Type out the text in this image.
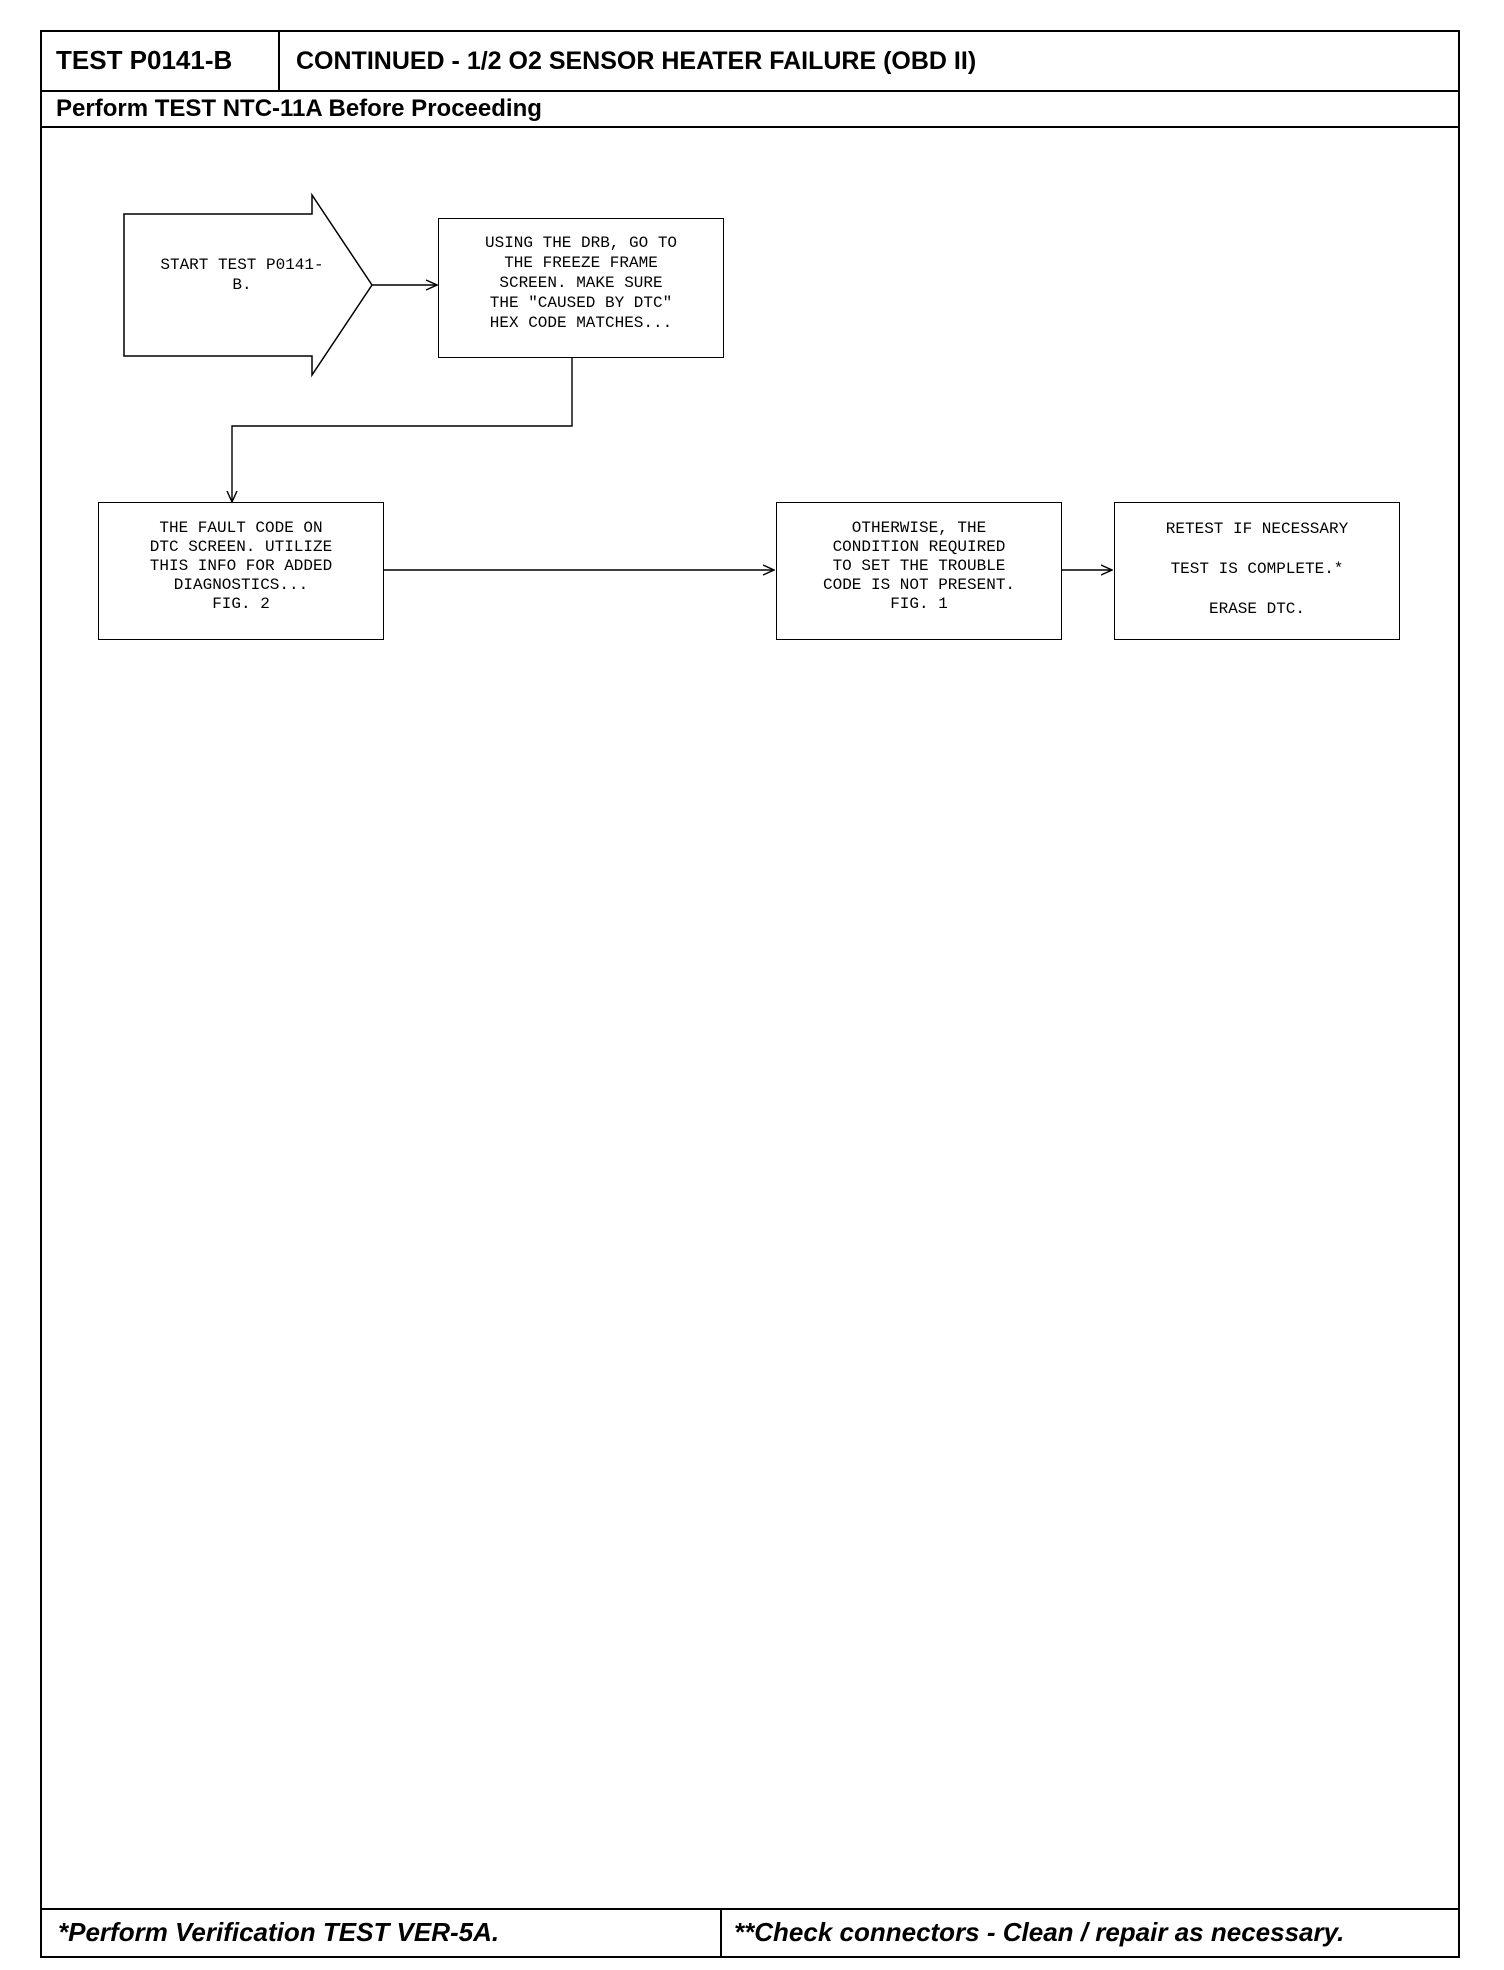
TEST P0141-B	CONTINUED - 1/2 O2 SENSOR HEATER FAILURE (OBD II)
Perform TEST NTC-11A Before Proceeding
*Perform Verification TEST VER-5A.	**Check connectors - Clean / repair as necessary.
START TEST P0141-B.
USING THE DRB, GO TO
THE FREEZE FRAME
SCREEN. MAKE SURE
THE "CAUSED BY DTC"
HEX CODE MATCHES...
THE FAULT CODE ON
DTC SCREEN. UTILIZE
THIS INFO FOR ADDED
DIAGNOSTICS...
FIG. 2
OTHERWISE, THE
CONDITION REQUIRED
TO SET THE TROUBLE
CODE IS NOT PRESENT.
FIG. 1
RETEST IF NECESSARY
TEST IS COMPLETE.*
ERASE DTC.
